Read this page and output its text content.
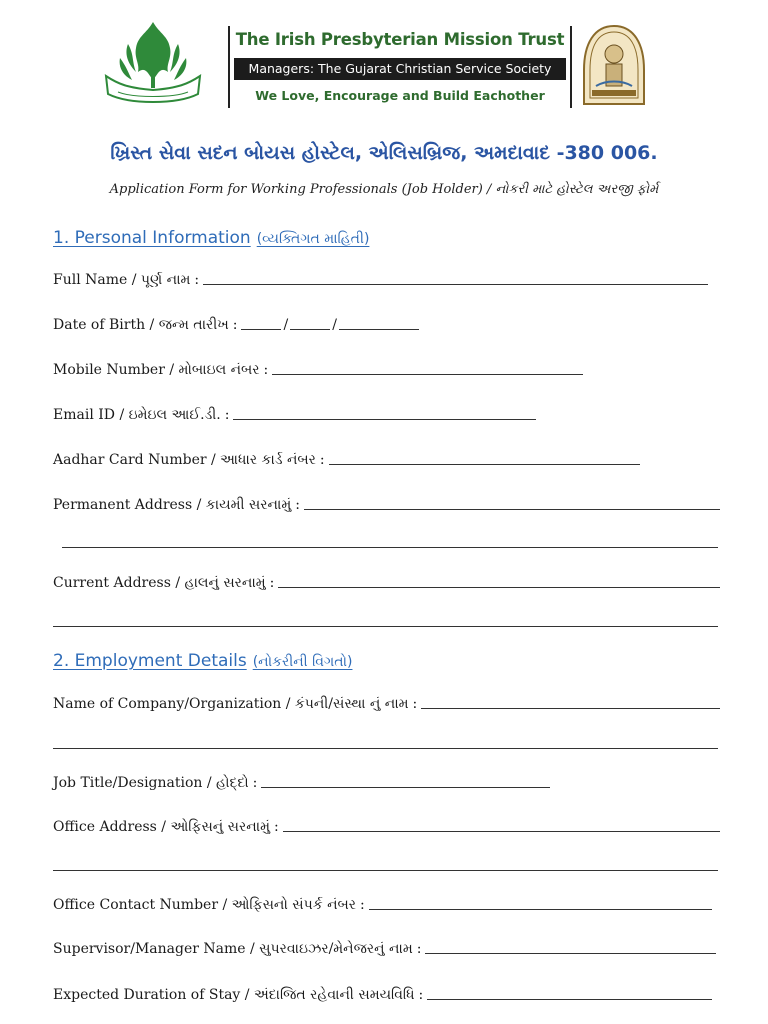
The Irish Presbyterian Mission Trust
Managers: The Gujarat Christian Service Society
We Love, Encourage and Build Eachother
ખ્રિસ્ત સેવા સદન બોયસ હોસ્ટેલ, એલિસબ્રિજ, અમદાવાદ -380 006.
Application Form for Working Professionals (Job Holder) / નોકરી માટે હોસ્ટેલ અરજી ફોર્મ
1. Personal Information (વ્યક્તિગત માહિતી)
Full Name / પૂર્ણ નામ :
Date of Birth / જન્મ તારીખ :	/	/
Mobile Number / મોબાઇલ નંબર :
Email ID / ઇમેઇલ આઈ.ડી. :
Aadhar Card Number / આધાર કાર્ડ નંબર :
Permanent Address / કાયમી સરનામું :
Current Address / હાલનું સરનામું :
2. Employment Details (નોકરીની વિગતો)
Name of Company/Organization / કંપની/સંસ્થા નું નામ :
Job Title/Designation / હોદ્દો :
Office Address / ઓફિસનું સરનામું :
Office Contact Number / ઓફિસનો સંપર્ક નંબર :
Supervisor/Manager Name / સુપરવાઇઝર/મેનેજરનું નામ :
Expected Duration of Stay / અંદાજિત રહેવાની સમયવિધિ :
